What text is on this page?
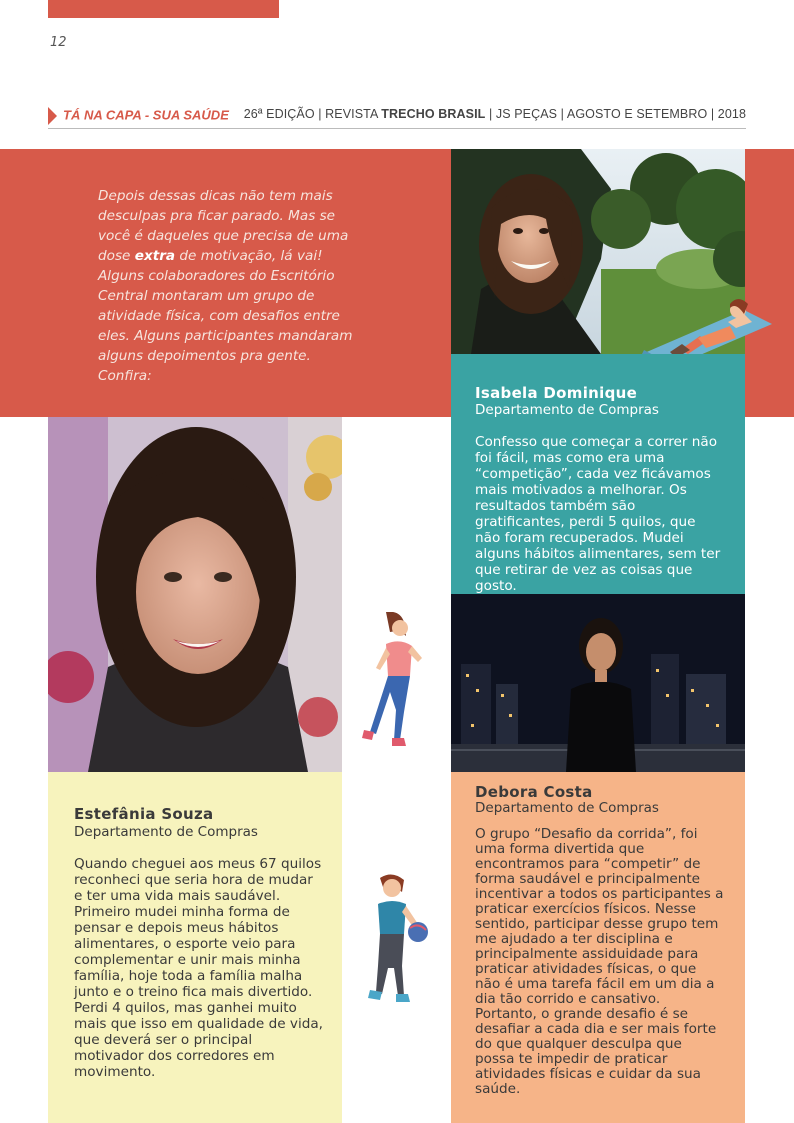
12
TÁ NA CAPA - SUA SAÚDE 26ª EDIÇÃO | REVISTA TRECHO BRASIL | JS PEÇAS | AGOSTO E SETEMBRO | 2018
Depois dessas dicas não tem mais desculpas pra ficar parado. Mas se você é daqueles que precisa de uma dose extra de motivação, lá vai! Alguns colaboradores do Escritório Central montaram um grupo de atividade física, com desafios entre eles. Alguns participantes mandaram alguns depoimentos pra gente. Confira:
Isabela Dominique
Departamento de Compras
Confesso que começar a correr não foi fácil, mas como era uma “competição”, cada vez ficávamos mais motivados a melhorar. Os resultados também são gratificantes, perdi 5 quilos, que não foram recuperados. Mudei alguns hábitos alimentares, sem ter que retirar de vez as coisas que gosto.
Estefânia Souza
Departamento de Compras
Quando cheguei aos meus 67 quilos reconheci que seria hora de mudar e ter uma vida mais saudável. Primeiro mudei minha forma de pensar e depois meus hábitos alimentares, o esporte veio para complementar e unir mais minha família, hoje toda a família malha junto e o treino fica mais divertido. Perdi 4 quilos, mas ganhei muito mais que isso em qualidade de vida, que deverá ser o principal motivador dos corredores em movimento.
Debora Costa
Departamento de Compras
O grupo “Desafio da corrida”, foi uma forma divertida que encontramos para “competir” de forma saudável e principalmente incentivar a todos os participantes a praticar exercícios físicos. Nesse sentido, participar desse grupo tem me ajudado a ter disciplina e principalmente assiduidade para praticar atividades físicas, o que não é uma tarefa fácil em um dia a dia tão corrido e cansativo. Portanto, o grande desafio é se desafiar a cada dia e ser mais forte do que qualquer desculpa que possa te impedir de praticar atividades físicas e cuidar da sua saúde.
